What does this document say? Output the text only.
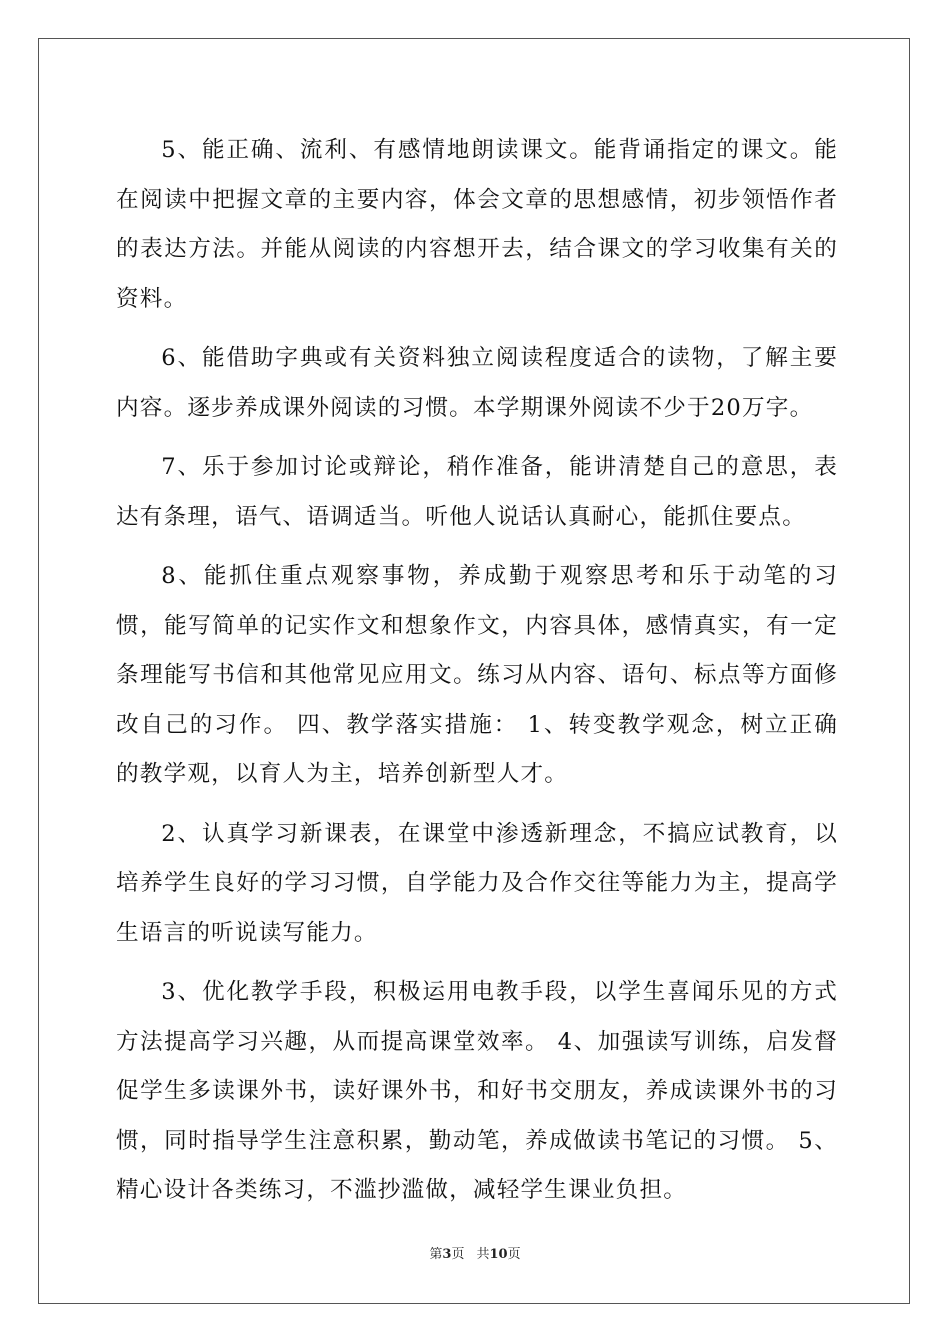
5、能正确、流利、有感情地朗读课文。能背诵指定的课文。能在阅读中把握文章的主要内容，体会文章的思想感情，初步领悟作者的表达方法。并能从阅读的内容想开去，结合课文的学习收集有关的资料。

6、能借助字典或有关资料独立阅读程度适合的读物，了解主要内容。逐步养成课外阅读的习惯。本学期课外阅读不少于20万字。

7、乐于参加讨论或辩论，稍作准备，能讲清楚自己的意思，表达有条理，语气、语调适当。听他人说话认真耐心，能抓住要点。

8、能抓住重点观察事物，养成勤于观察思考和乐于动笔的习惯，能写简单的记实作文和想象作文，内容具体，感情真实，有一定条理能写书信和其他常见应用文。练习从内容、语句、标点等方面修改自己的习作。 四、教学落实措施： 1、转变教学观念，树立正确的教学观，以育人为主，培养创新型人才。

2、认真学习新课表，在课堂中渗透新理念，不搞应试教育，以培养学生良好的学习习惯，自学能力及合作交往等能力为主，提高学生语言的听说读写能力。

3、优化教学手段，积极运用电教手段，以学生喜闻乐见的方式方法提高学习兴趣，从而提高课堂效率。 4、加强读写训练，启发督促学生多读课外书，读好课外书，和好书交朋友，养成读课外书的习惯，同时指导学生注意积累，勤动笔，养成做读书笔记的习惯。 5、精心设计各类练习，不滥抄滥做，减轻学生课业负担。

第3页 共10页
